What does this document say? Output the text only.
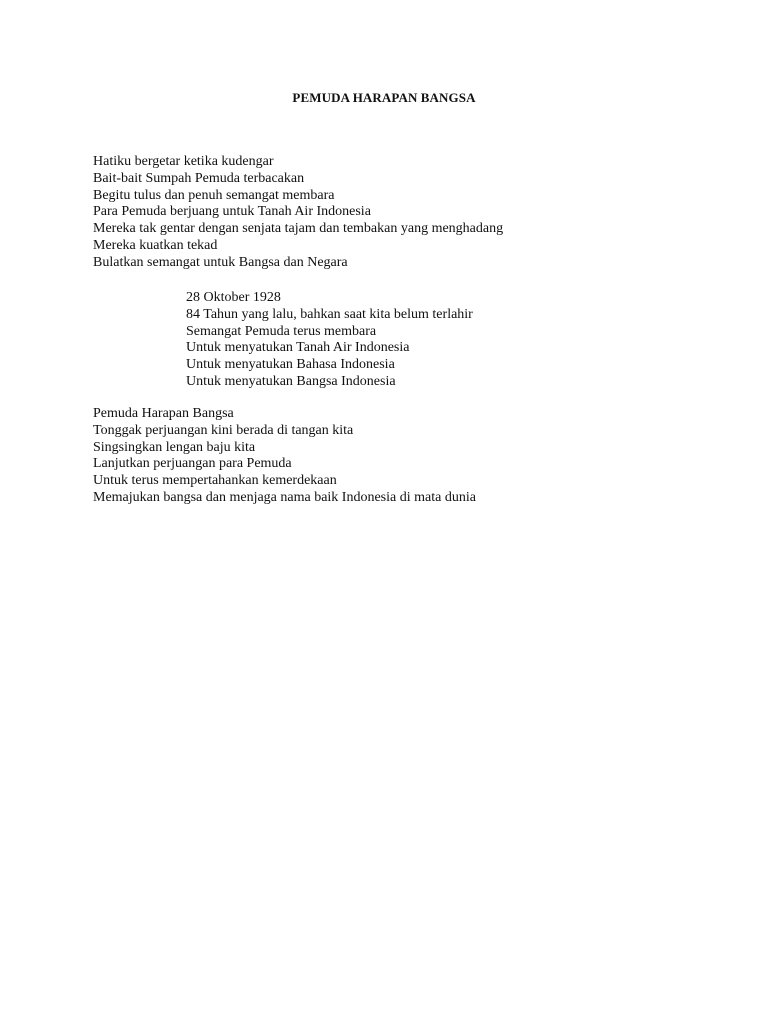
PEMUDA HARAPAN BANGSA
Hatiku bergetar ketika kudengar
Bait-bait Sumpah Pemuda terbacakan
Begitu tulus dan penuh semangat membara
Para Pemuda berjuang untuk Tanah Air Indonesia
Mereka tak gentar dengan senjata tajam dan tembakan yang menghadang
Mereka kuatkan tekad
Bulatkan semangat untuk Bangsa dan Negara
28 Oktober 1928
84 Tahun yang lalu, bahkan saat kita belum terlahir
Semangat Pemuda terus membara
Untuk menyatukan Tanah Air Indonesia
Untuk menyatukan Bahasa Indonesia
Untuk menyatukan Bangsa Indonesia
Pemuda Harapan Bangsa
Tonggak perjuangan kini berada di tangan kita
Singsingkan lengan baju kita
Lanjutkan perjuangan para Pemuda
Untuk terus mempertahankan kemerdekaan
Memajukan bangsa dan menjaga nama baik Indonesia di mata dunia
